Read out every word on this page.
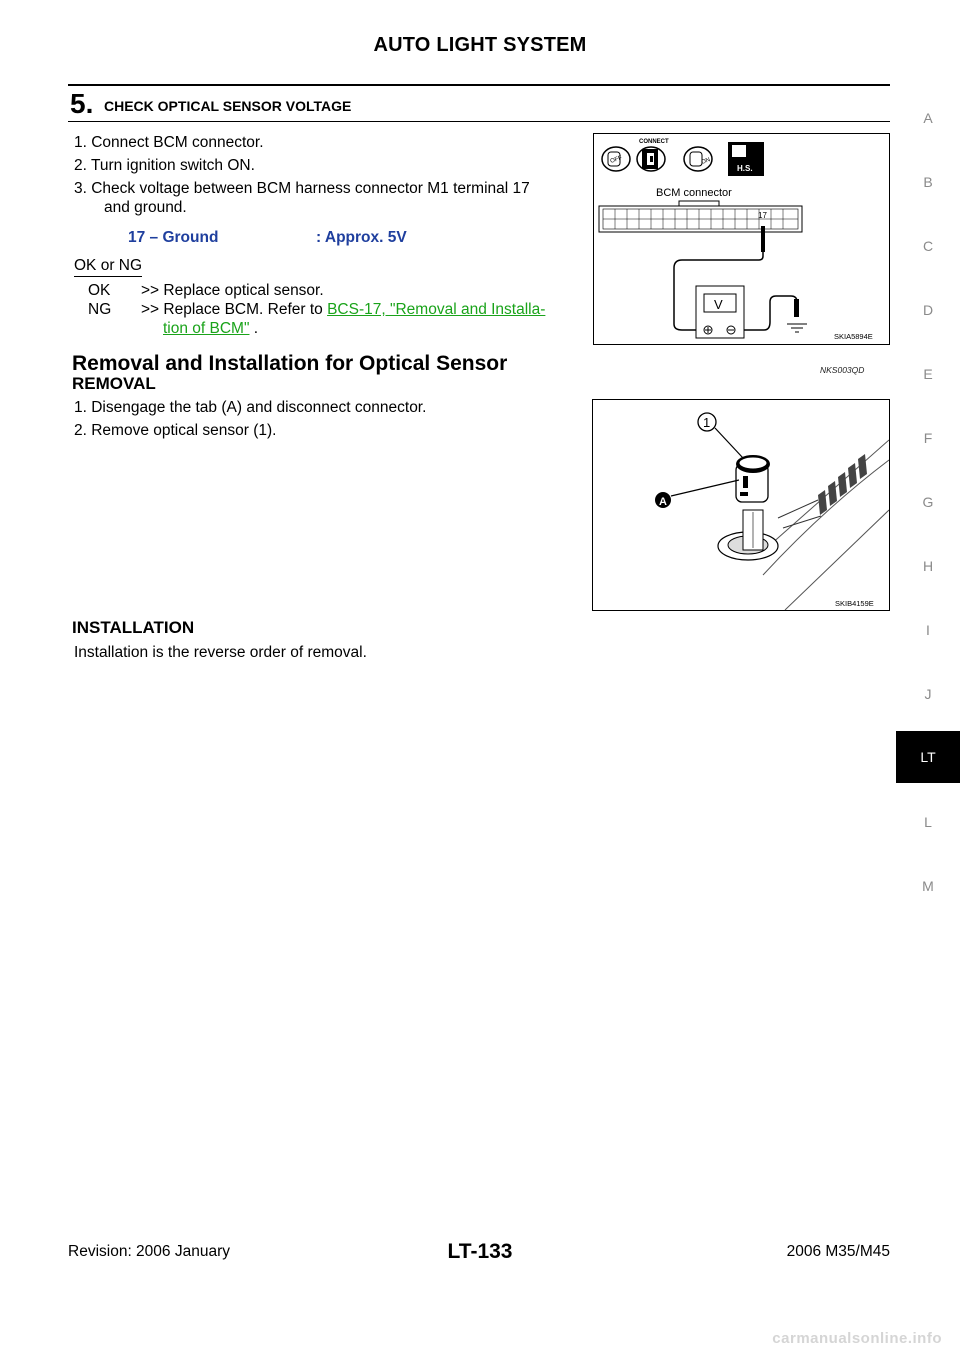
AUTO LIGHT SYSTEM
A
B
C
D
E
F
G
H
I
J
LT
L
M
5. CHECK OPTICAL SENSOR VOLTAGE
1. Connect BCM connector.
2. Turn ignition switch ON.
3. Check voltage between BCM harness connector M1 terminal 17
and ground.
17 – Ground	: Approx. 5V
OK or NG
OK >> Replace optical sensor.
NG >> Replace BCM. Refer to BCS-17, "Removal and Installa-
tion of BCM" .
CONNECT
OFF	ON
H.S.
BCM connector
17
V
SKIA5894E
Removal and Installation for Optical Sensor	NKS003QD
REMOVAL
1. Disengage the tab (A) and disconnect connector.
2. Remove optical sensor (1).	1
A
SKIB4159E
INSTALLATION
Installation is the reverse order of removal.
Revision: 2006 January	LT-133	2006 M35/M45
carmanualsonline.info
